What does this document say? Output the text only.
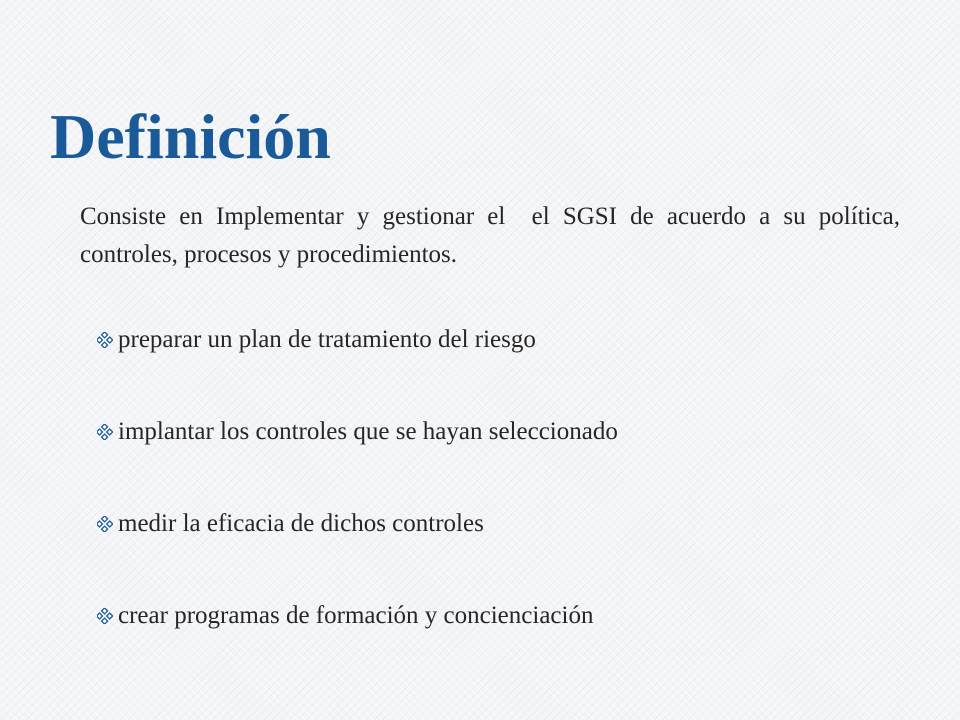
Definición

Consiste en Implementar y gestionar el  el SGSI de acuerdo a su política, controles, procesos y procedimientos.

preparar un plan de tratamiento del riesgo
implantar los controles que se hayan seleccionado
medir la eficacia de dichos controles
crear programas de formación y concienciación
